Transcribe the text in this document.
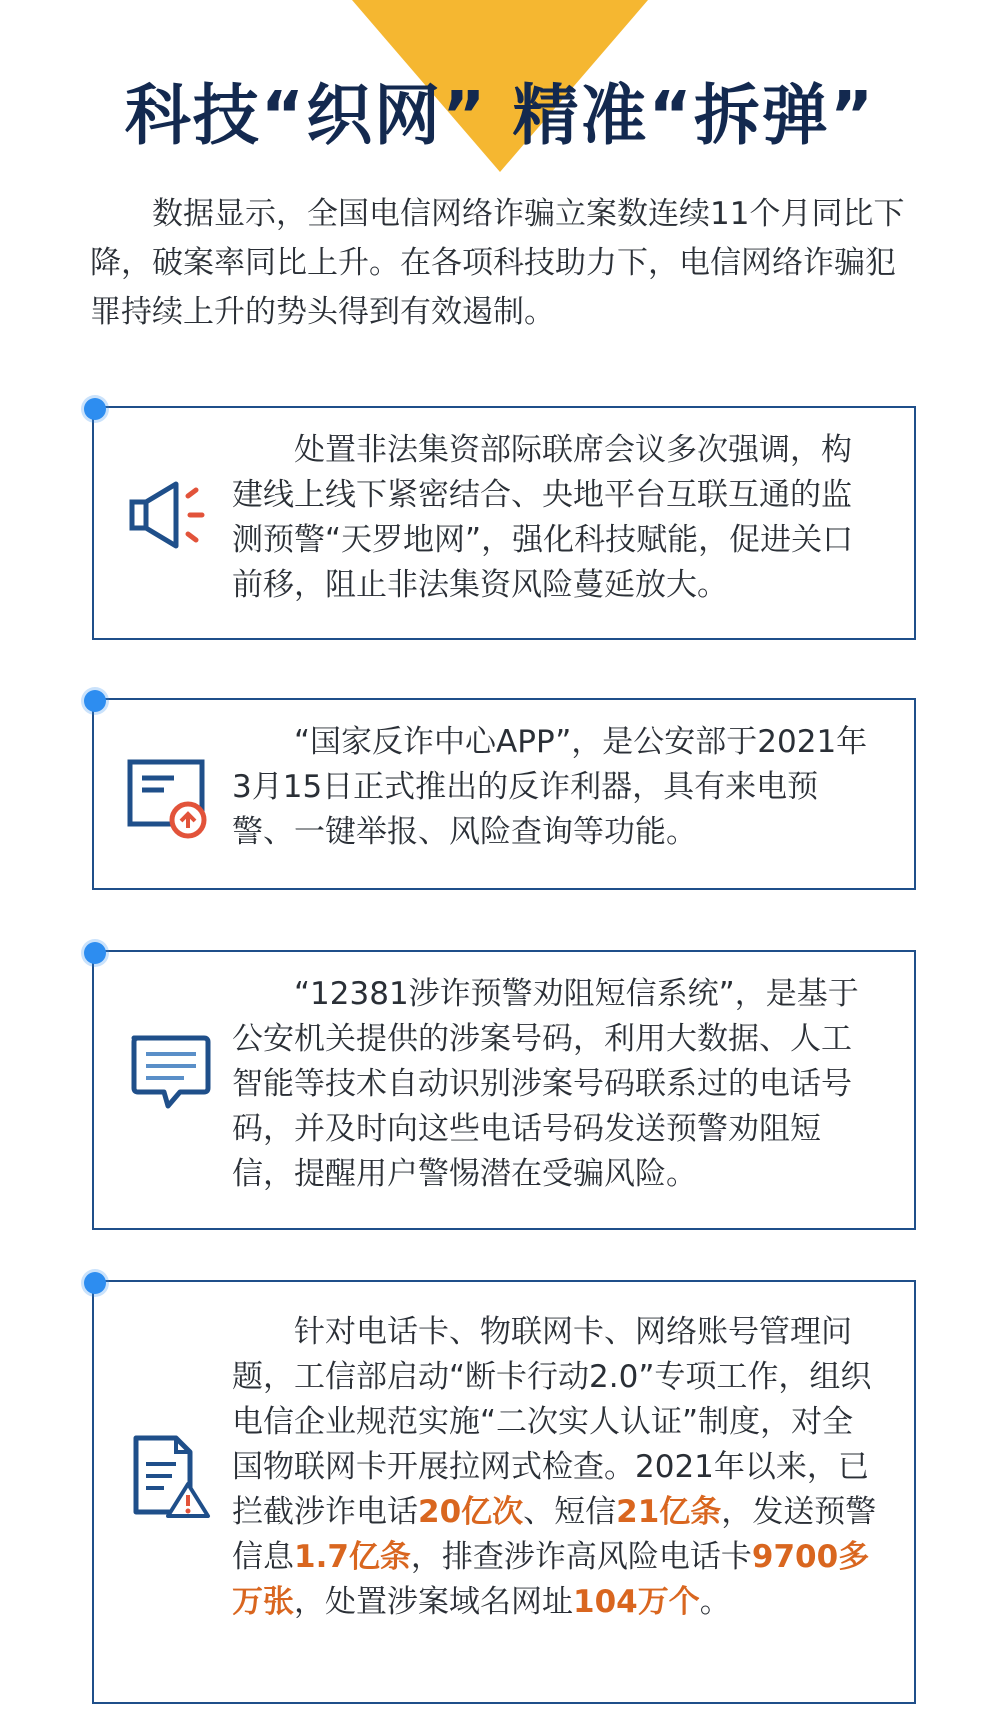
科技“织网” 精准“拆弹”

数据显示，全国电信网络诈骗立案数连续11个月同比下降，破案率同比上升。在各项科技助力下，电信网络诈骗犯罪持续上升的势头得到有效遏制。

处置非法集资部际联席会议多次强调，构建线上线下紧密结合、央地平台互联互通的监测预警“天罗地网”，强化科技赋能，促进关口前移，阻止非法集资风险蔓延放大。

“国家反诈中心APP”，是公安部于2021年3月15日正式推出的反诈利器，具有来电预警、一键举报、风险查询等功能。

“12381涉诈预警劝阻短信系统”，是基于公安机关提供的涉案号码，利用大数据、人工智能等技术自动识别涉案号码联系过的电话号码，并及时向这些电话号码发送预警劝阻短信，提醒用户警惕潜在受骗风险。

针对电话卡、物联网卡、网络账号管理问题，工信部启动“断卡行动2.0”专项工作，组织电信企业规范实施“二次实人认证”制度，对全国物联网卡开展拉网式检查。2021年以来，已拦截涉诈电话20亿次、短信21亿条，发送预警信息1.7亿条，排查涉诈高风险电话卡9700多万张，处置涉案域名网址104万个。
